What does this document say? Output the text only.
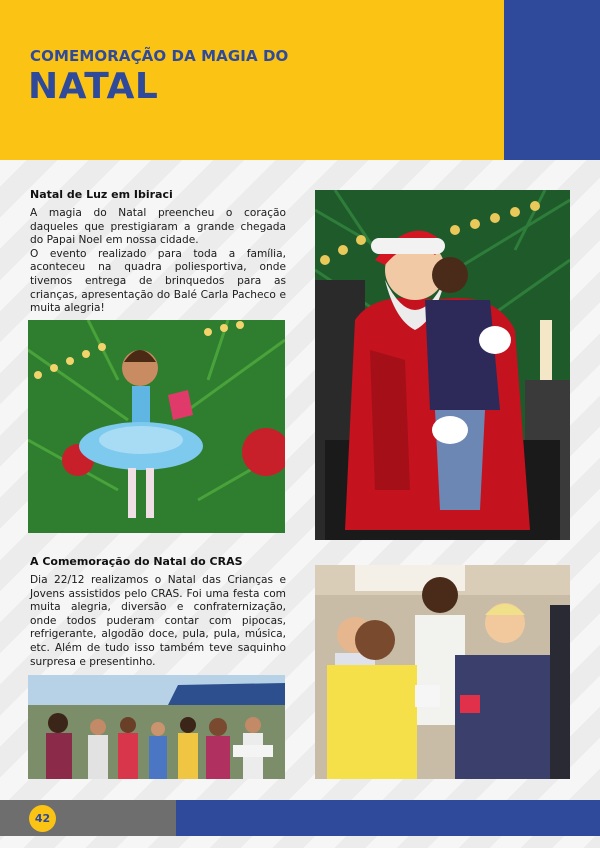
COMEMORAÇÃO DA MAGIA DO
NATAL
Natal de Luz em Ibiraci

A magia do Natal preencheu o coração daqueles que prestigiaram a grande chegada do Papai Noel em nossa cidade.

O evento realizado para toda a família, aconteceu na quadra poliesportiva, onde tivemos entrega de brinquedos para as crianças, apresentação do Balé Carla Pacheco e muita alegria!

A Comemoração do Natal do CRAS

Dia 22/12 realizamos o Natal das Crianças e Jovens assistidos pelo CRAS. Foi uma festa com muita alegria, diversão e confraternização, onde todos puderam contar com pipocas, refrigerante, algodão doce, pula, pula, música, etc. Além de tudo isso também teve saquinho surpresa e presentinho.

42
